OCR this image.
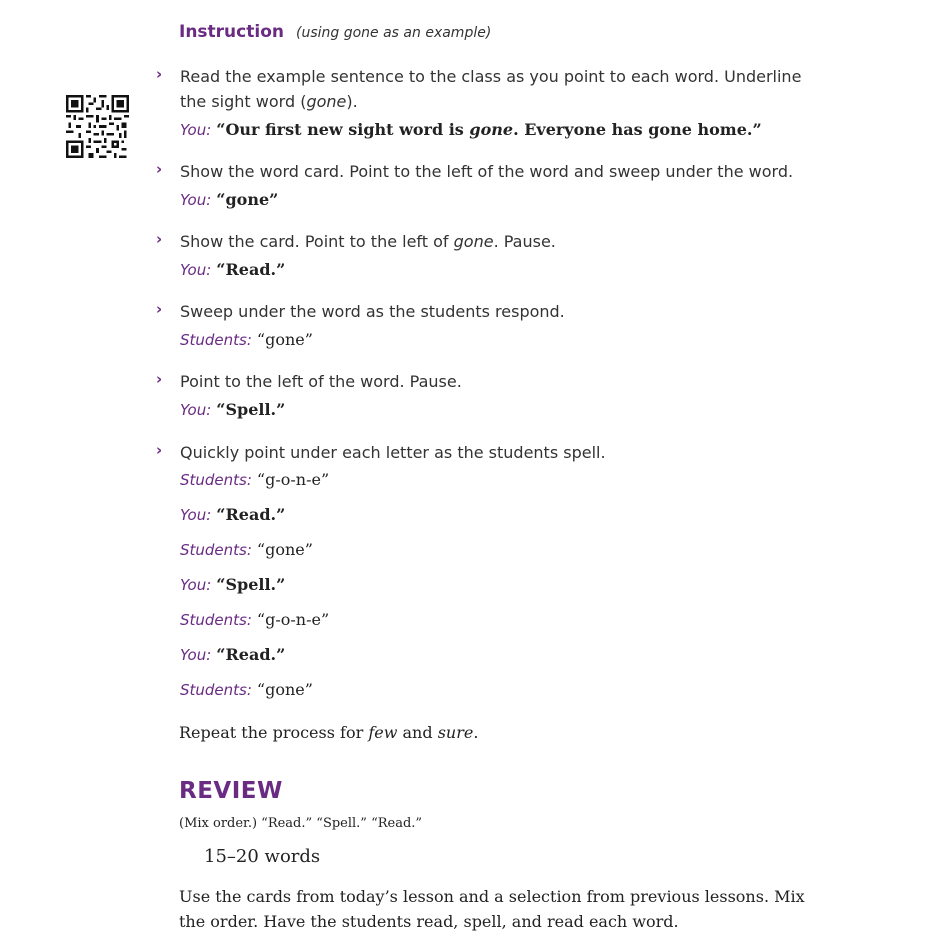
Instruction (using gone as an example)
› Read the example sentence to the class as you point to each word. Underline the sight word (gone).
You: “Our first new sight word is gone. Everyone has gone home.”
› Show the word card. Point to the left of the word and sweep under the word.
You: “gone”
› Show the card. Point to the left of gone. Pause.
You: “Read.”
› Sweep under the word as the students respond.
Students: “gone”
› Point to the left of the word. Pause.
You: “Spell.”
› Quickly point under each letter as the students spell.
Students: “g-o-n-e”
You: “Read.”
Students: “gone”
You: “Spell.”
Students: “g-o-n-e”
You: “Read.”
Students: “gone”
Repeat the process for few and sure.
REVIEW
(Mix order.) “Read.” “Spell.” “Read.”
15–20 words
Use the cards from today’s lesson and a selection from previous lessons. Mix the order. Have the students read, spell, and read each word.
